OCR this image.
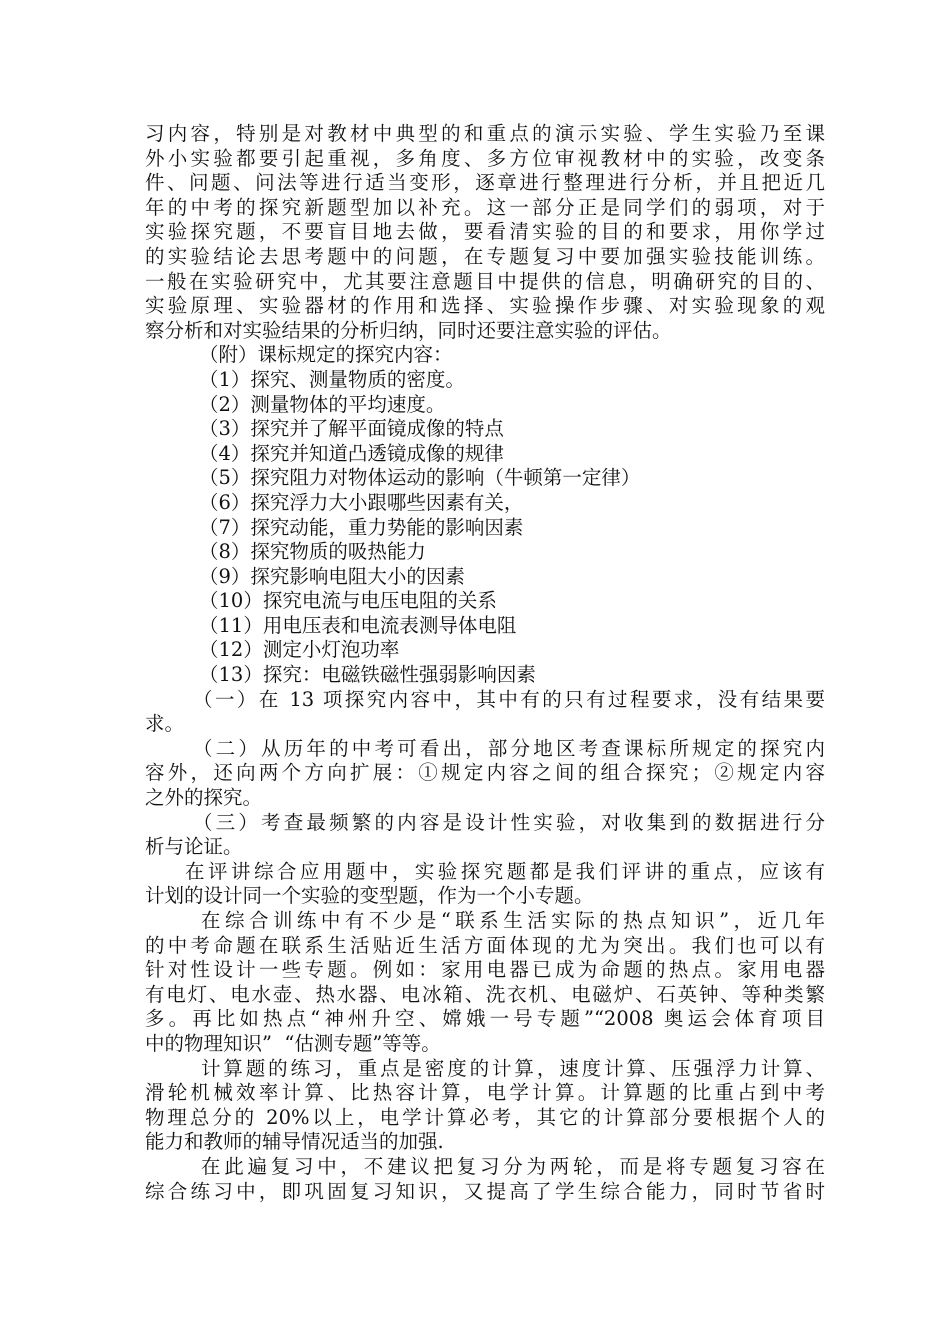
习内容，特别是对教材中典型的和重点的演示实验、学生实验乃至课
外小实验都要引起重视，多角度、多方位审视教材中的实验，改变条
件、问题、问法等进行适当变形，逐章进行整理进行分析，并且把近几
年的中考的探究新题型加以补充。这一部分正是同学们的弱项，对于
实验探究题，不要盲目地去做，要看清实验的目的和要求，用你学过
的实验结论去思考题中的问题，在专题复习中要加强实验技能训练。
一般在实验研究中，尤其要注意题目中提供的信息，明确研究的目的、
实验原理、实验器材的作用和选择、实验操作步骤、对实验现象的观
察分析和对实验结果的分析归纳，同时还要注意实验的评估。
（附）课标规定的探究内容：
（1）探究、测量物质的密度。
（2）测量物体的平均速度。
（3）探究并了解平面镜成像的特点
（4）探究并知道凸透镜成像的规律
（5）探究阻力对物体运动的影响（牛顿第一定律）
（6）探究浮力大小跟哪些因素有关，
（7）探究动能，重力势能的影响因素
（8）探究物质的吸热能力
（9）探究影响电阻大小的因素
（10）探究电流与电压电阻的关系
（11）用电压表和电流表测导体电阻
（12）测定小灯泡功率
（13）探究：电磁铁磁性强弱影响因素
（一）在 13 项探究内容中，其中有的只有过程要求，没有结果要
求。
（二）从历年的中考可看出，部分地区考查课标所规定的探究内
容外，还向两个方向扩展：①规定内容之间的组合探究；②规定内容
之外的探究。
（三）考查最频繁的内容是设计性实验，对收集到的数据进行分
析与论证。
在评讲综合应用题中，实验探究题都是我们评讲的重点，应该有
计划的设计同一个实验的变型题，作为一个小专题。
在综合训练中有不少是“联系生活实际的热点知识”，近几年
的中考命题在联系生活贴近生活方面体现的尤为突出。我们也可以有
针对性设计一些专题。例如：家用电器已成为命题的热点。家用电器
有电灯、电水壶、热水器、电冰箱、洗衣机、电磁炉、石英钟、等种类繁
多。再比如热点“神州升空、嫦娥一号专题”“2008 奥运会体育项目
中的物理知识”  “估测专题”等等。
计算题的练习，重点是密度的计算，速度计算、压强浮力计算、
滑轮机械效率计算、比热容计算，电学计算。计算题的比重占到中考
物理总分的 20%以上，电学计算必考，其它的计算部分要根据个人的
能力和教师的辅导情况适当的加强.
在此遍复习中，不建议把复习分为两轮，而是将专题复习容在
综合练习中，即巩固复习知识，又提高了学生综合能力，同时节省时
